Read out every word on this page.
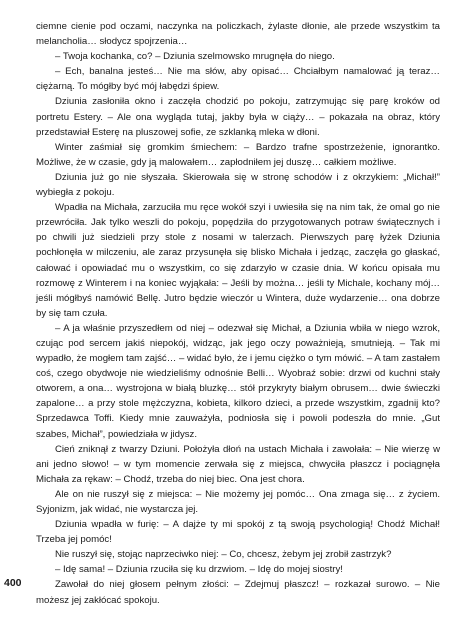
ciemne cienie pod oczami, naczynka na policzkach, żylaste dłonie, ale przede wszystkim ta melancholia… słodycz spojrzenia…

– Twoja kochanka, co? – Dziunia szelmowsko mrugnęła do niego.

– Ech, banalna jesteś… Nie ma słów, aby opisać… Chciałbym namalować ją teraz… ciężarną. To mógłby być mój łabędzi śpiew.

Dziunia zasłoniła okno i zaczęła chodzić po pokoju, zatrzymując się parę kroków od portretu Estery. – Ale ona wygląda tutaj, jakby była w ciąży… – pokazała na obraz, który przedstawiał Esterę na pluszowej sofie, ze szklanką mleka w dłoni.

Winter zaśmiał się gromkim śmiechem: – Bardzo trafne spostrzeżenie, ignorantko. Możliwe, że w czasie, gdy ją malowałem… zapłodniłem jej duszę… całkiem możliwe.

Dziunia już go nie słyszała. Skierowała się w stronę schodów i z okrzykiem: „Michał!” wybiegła z pokoju.

Wpadła na Michała, zarzuciła mu ręce wokół szyi i uwiesiła się na nim tak, że omal go nie przewróciła. Jak tylko weszli do pokoju, popędziła do przygotowanych potraw świątecznych i po chwili już siedzieli przy stole z nosami w talerzach. Pierwszych parę łyżek Dziunia pochłonęła w milczeniu, ale zaraz przysunęła się blisko Michała i jedząc, zaczęła go głaskać, całować i opowiadać mu o wszystkim, co się zdarzyło w czasie dnia. W końcu opisała mu rozmowę z Winterem i na koniec wyjąkała: – Jeśli by można… jeśli ty Michale, kochany mój… jeśli mógłbyś namówić Bellę. Jutro będzie wieczór u Wintera, duże wydarzenie… ona dobrze by się tam czuła.

– A ja właśnie przyszedłem od niej – odezwał się Michał, a Dziunia wbiła w niego wzrok, czując pod sercem jakiś niepokój, widząc, jak jego oczy poważnieją, smutnieją. – Tak mi wypadło, że mogłem tam zajść… – widać było, że i jemu ciężko o tym mówić. – A tam zastałem coś, czego obydwoje nie wiedzieliśmy odnośnie Belli… Wyobraź sobie: drzwi od kuchni stały otworem, a ona… wystrojona w białą bluzkę… stół przykryty białym obrusem… dwie świeczki zapalone… a przy stole mężczyzna, kobieta, kilkoro dzieci, a przede wszystkim, zgadnij kto? Sprzedawca Toffi. Kiedy mnie zauważyła, podniosła się i powoli podeszła do mnie. „Gut szabes, Michał”, powiedziała w jidysz.

Cień zniknął z twarzy Dziuni. Położyła dłoń na ustach Michała i zawołała: – Nie wierzę w ani jedno słowo! – w tym momencie zerwała się z miejsca, chwyciła płaszcz i pociągnęła Michała za rękaw: – Chodź, trzeba do niej biec. Ona jest chora.

Ale on nie ruszył się z miejsca: – Nie możemy jej pomóc… Ona zmaga się… z życiem. Syjonizm, jak widać, nie wystarcza jej.

Dziunia wpadła w furię: – A dajże ty mi spokój z tą swoją psychologią! Chodź Michał! Trzeba jej pomóc!

Nie ruszył się, stojąc naprzeciwko niej: – Co, chcesz, żebym jej zrobił zastrzyk?

– Idę sama! – Dziunia rzuciła się ku drzwiom. – Idę do mojej siostry!

Zawołał do niej głosem pełnym złości: – Zdejmuj płaszcz! – rozkazał surowo. – Nie możesz jej zakłócać spokoju.

400
